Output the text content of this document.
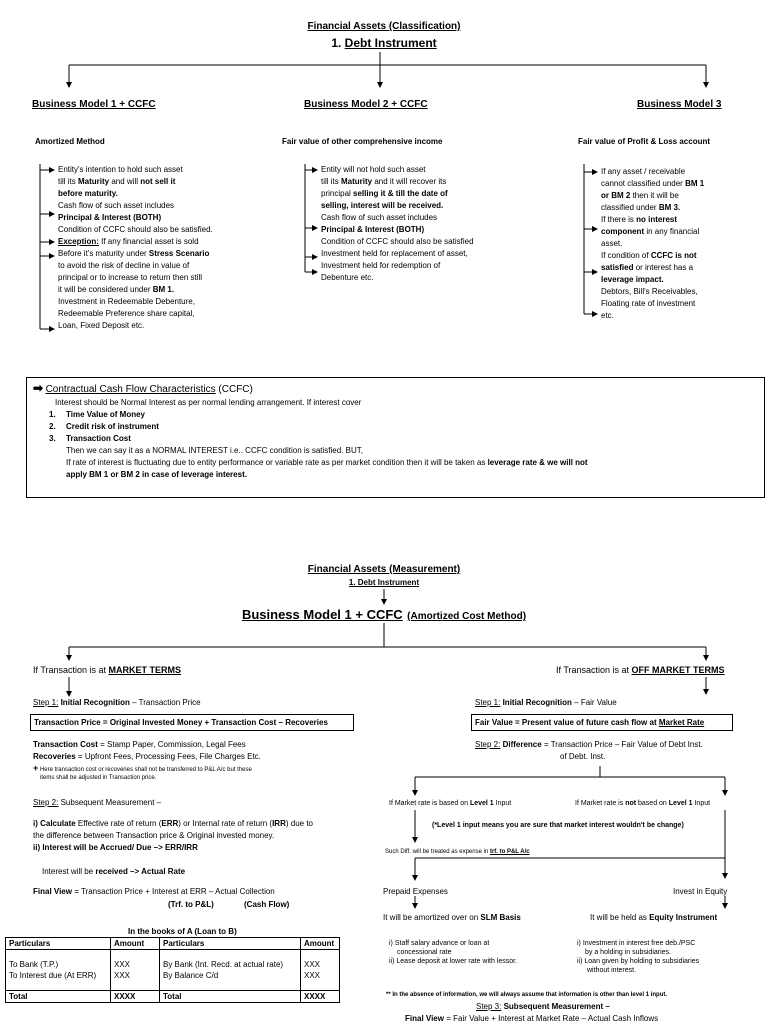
Financial Assets (Classification)
1. Debt Instrument
Business Model 1 + CCFC	Business Model 2 + CCFC	Business Model 3
Amortized Method	Fair value of other comprehensive income	Fair value of Profit & Loss account
Entity's intention to hold such asset
till its Maturity and will not sell it
before maturity.
Cash flow of such asset includes
Principal & Interest (BOTH)
Condition of CCFC should also be satisfied.
Exception: If any financial asset is sold
Before it's maturity under Stress Scenario
to avoid the risk of decline in value of
principal or to increase to return then still
it will be considered under BM 1.
Investment in Redeemable Debenture,
Redeemable Preference share capital,
Loan, Fixed Deposit etc.
Entity will not hold such asset
till its Maturity and it will recover its
principal selling it & till the date of
selling, interest will be received.
Cash flow of such asset includes
Principal & Interest (BOTH)
Condition of CCFC should also be satisfied
Investment held for replacement of asset,
Investment held for redemption of
Debenture etc.
If any asset / receivable
cannot classified under BM 1
or BM 2 then it will be
classified under BM 3.
If there is no interest
component in any financial
asset.
If condition of CCFC is not
satisfied or interest has a
leverage impact.
Debtors, Bill's Receivables,
Floating rate of investment
etc.
➡ Contractual Cash Flow Characteristics (CCFC)
Interest should be Normal Interest as per normal lending arrangement. If interest cover
1. Time Value of Money
2. Credit risk of instrument
3. Transaction Cost
Then we can say it as a NORMAL INTEREST i.e.. CCFC condition is satisfied. BUT,
If rate of interest is fluctuating due to entity performance or variable rate as per market condition then it will be taken as leverage rate & we will not
apply BM 1 or BM 2 in case of leverage interest.
Financial Assets (Measurement)
1. Debt Instrument
Business Model 1 + CCFC (Amortized Cost Method)
If Transaction is at MARKET TERMS
Step 1: Initial Recognition – Transaction Price
Transaction Price = Original Invested Money + Transaction Cost – Recoveries
Transaction Cost = Stamp Paper, Commission, Legal Fees
Recoveries = Upfront Fees, Processing Fees, File Charges Etc.
+ Here transaction cost or recoveries shall not be transferred to P&L A/c but these
items shall be adjusted in Transaction price.
Step 2: Subsequent Measurement –
i) Calculate Effective rate of return (ERR) or Internal rate of return (IRR) due to
the difference between Transaction price & Original invested money.
ii) Interest will be Accrued/ Due –> ERR/IRR
Interest will be received –> Actual Rate
Final View = Transaction Price + Interest at ERR – Actual Collection
(Trf. to P&L)	(Cash Flow)
In the books of A (Loan to B)
Particulars	Amount	Particulars	Amount

To Bank (T.P.)	XXX	By Bank (Int. Recd. at actual rate)	XXX
To Interest due (At ERR)	XXX	By Balance C/d	XXX

Total	XXXX	Total	XXXX
If Transaction is at OFF MARKET TERMS
Step 1: Initial Recognition – Fair Value
Fair Value = Present value of future cash flow at Market Rate
Step 2: Difference = Transaction Price – Fair Value of Debt Inst.
of Debt. Inst.
If Market rate is based on Level 1 Input	If Market rate is not based on Level 1 Input
(*Level 1 input means you are sure that market interest wouldn't be change)
Such Diff. will be treated as expense in trf. to P&L A/c
Prepaid Expenses	Invest in Equity
It will be amortized over on SLM Basis	It will be held as Equity Instrument
i) Staff salary advance or loan at
concessional rate
ii) Lease deposit at lower rate with lessor.
i) Investment in interest free deb./PSC
by a holding in subsidiaries.
ii) Loan given by holding to subsidiaries
without interest.
** In the absence of information, we will always assume that information is other than level 1 input.
Step 3: Subsequent Measurement –
Final View = Fair Value + Interest at Market Rate – Actual Cash Inflows
